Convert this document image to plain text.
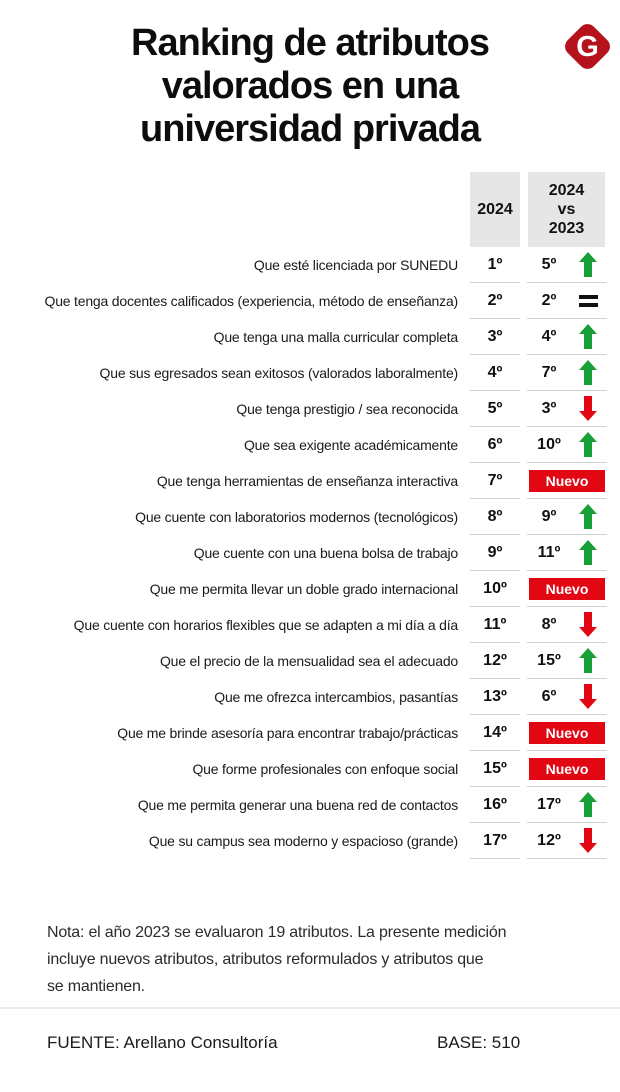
G
Ranking de atributos
valorados en una
universidad privada
2024
2024
vs
2023
Que esté licenciada por SUNEDU	1º	5º
Que tenga docentes calificados (experiencia, método de enseñanza)	2º	2º
Que tenga una malla curricular completa	3º	4º
Que sus egresados sean exitosos (valorados laboralmente)	4º	7º
Que tenga prestigio / sea reconocida	5º	3º
Que sea exigente académicamente	6º	10º
Que tenga herramientas de enseñanza interactiva	7º	Nuevo
Que cuente con laboratorios modernos (tecnológicos)	8º	9º
Que cuente con una buena bolsa de trabajo	9º	11º
Que me permita llevar un doble grado internacional	10º	Nuevo
Que cuente con horarios flexibles que se adapten a mi día a día	11º	8º
Que el precio de la mensualidad sea el adecuado	12º	15º
Que me ofrezca intercambios, pasantías	13º	6º
Que me brinde asesoría para encontrar trabajo/prácticas	14º	Nuevo
Que forme profesionales con enfoque social	15º	Nuevo
Que me permita generar una buena red de contactos	16º	17º
Que su campus sea moderno y espacioso (grande)	17º	12º
Nota: el año 2023 se evaluaron 19 atributos. La presente medición
incluye nuevos atributos, atributos reformulados y atributos que
se mantienen.
FUENTE: Arellano Consultoría	BASE: 510
